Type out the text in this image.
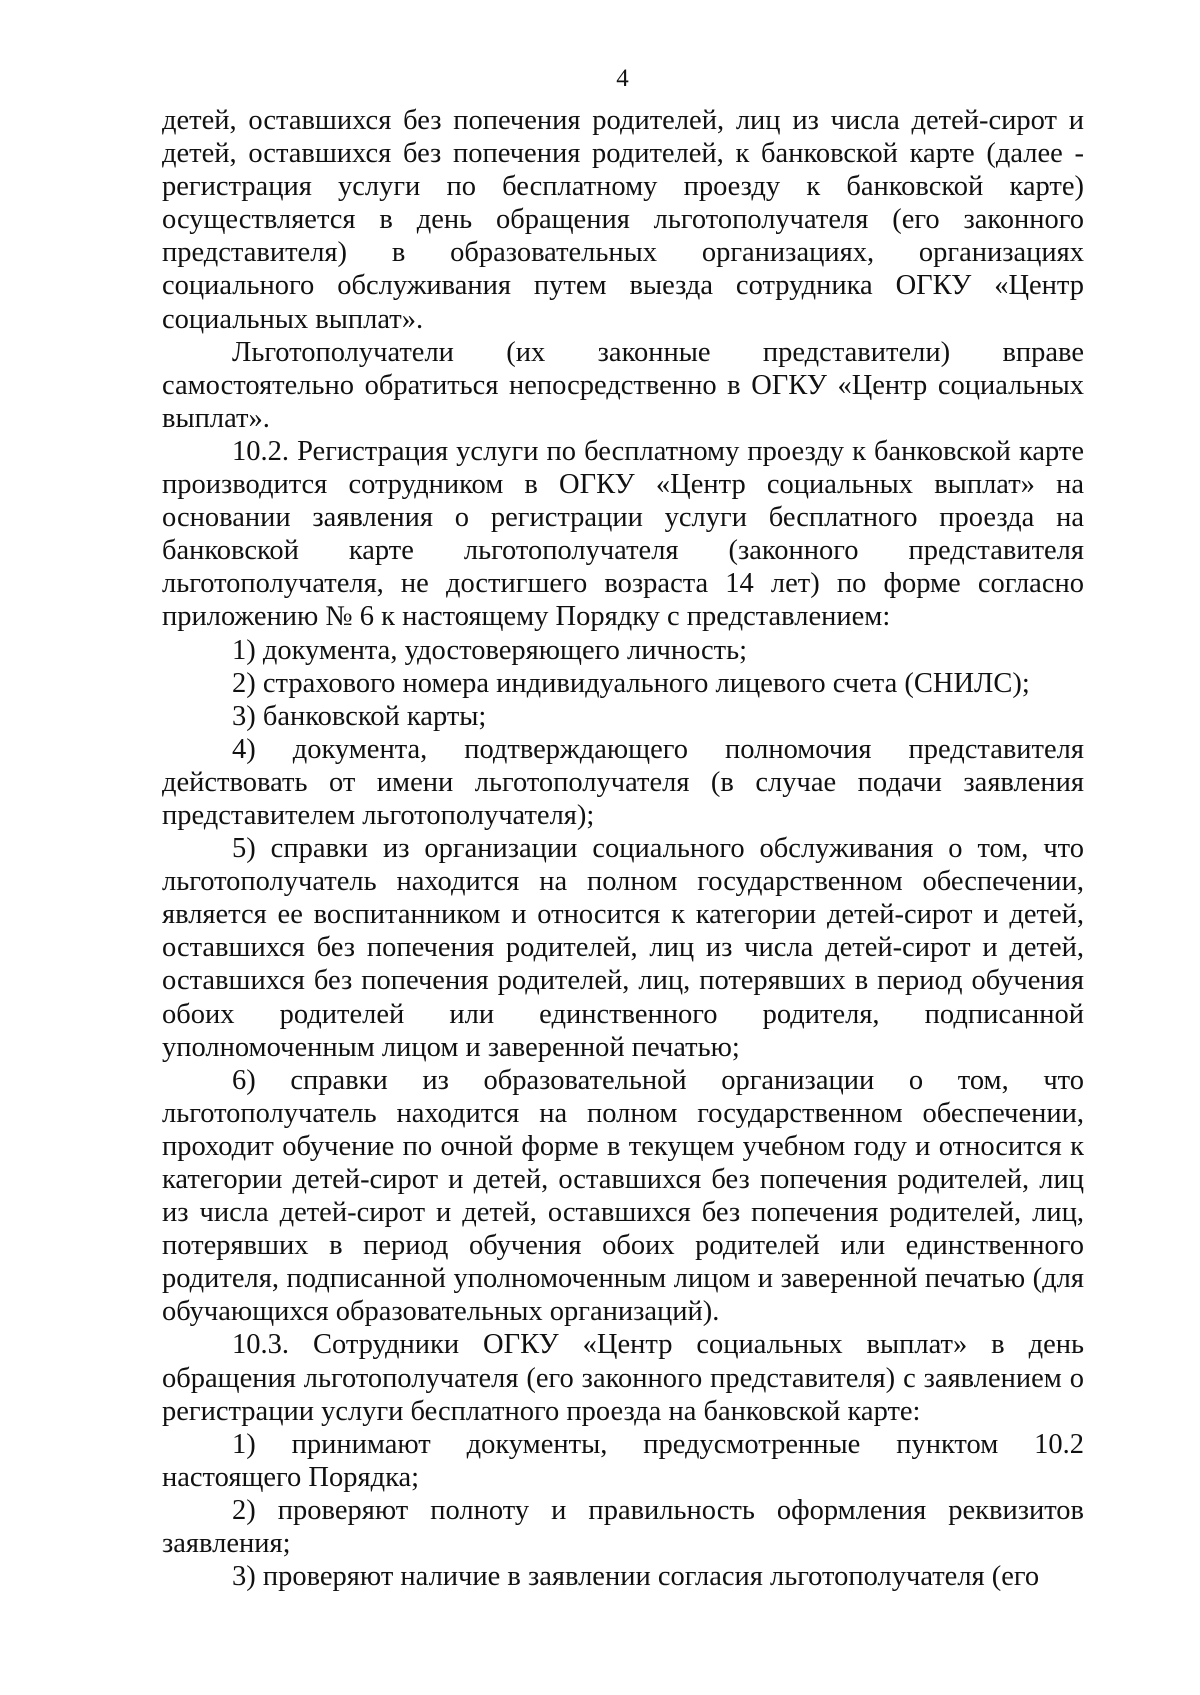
4

детей, оставшихся без попечения родителей, лиц из числа детей-сирот и детей, оставшихся без попечения родителей, к банковской карте (далее - регистрация услуги по бесплатному проезду к банковской карте) осуществляется в день обращения льготополучателя (его законного представителя) в образовательных организациях, организациях социального обслуживания путем выезда сотрудника ОГКУ «Центр социальных выплат».

Льготополучатели (их законные представители) вправе самостоятельно обратиться непосредственно в ОГКУ «Центр социальных выплат».

10.2. Регистрация услуги по бесплатному проезду к банковской карте производится сотрудником в ОГКУ «Центр социальных выплат» на основании заявления о регистрации услуги бесплатного проезда на банковской карте льготополучателя (законного представителя льготополучателя, не достигшего возраста 14 лет) по форме согласно приложению № 6 к настоящему Порядку с представлением:

1) документа, удостоверяющего личность;

2) страхового номера индивидуального лицевого счета (СНИЛС);

3) банковской карты;

4) документа, подтверждающего полномочия представителя действовать от имени льготополучателя (в случае подачи заявления представителем льготополучателя);

5) справки из организации социального обслуживания о том, что льготополучатель находится на полном государственном обеспечении, является ее воспитанником и относится к категории детей-сирот и детей, оставшихся без попечения родителей, лиц из числа детей-сирот и детей, оставшихся без попечения родителей, лиц, потерявших в период обучения обоих родителей или единственного родителя, подписанной уполномоченным лицом и заверенной печатью;

6) справки из образовательной организации о том, что льготополучатель находится на полном государственном обеспечении, проходит обучение по очной форме в текущем учебном году и относится к категории детей-сирот и детей, оставшихся без попечения родителей, лиц из числа детей-сирот и детей, оставшихся без попечения родителей, лиц, потерявших в период обучения обоих родителей или единственного родителя, подписанной уполномоченным лицом и заверенной печатью (для обучающихся образовательных организаций).

10.3. Сотрудники ОГКУ «Центр социальных выплат» в день обращения льготополучателя (его законного представителя) с заявлением о регистрации услуги бесплатного проезда на банковской карте:

1) принимают документы, предусмотренные пунктом 10.2 настоящего Порядка;

2) проверяют полноту и правильность оформления реквизитов заявления;

3) проверяют наличие в заявлении согласия льготополучателя (его
